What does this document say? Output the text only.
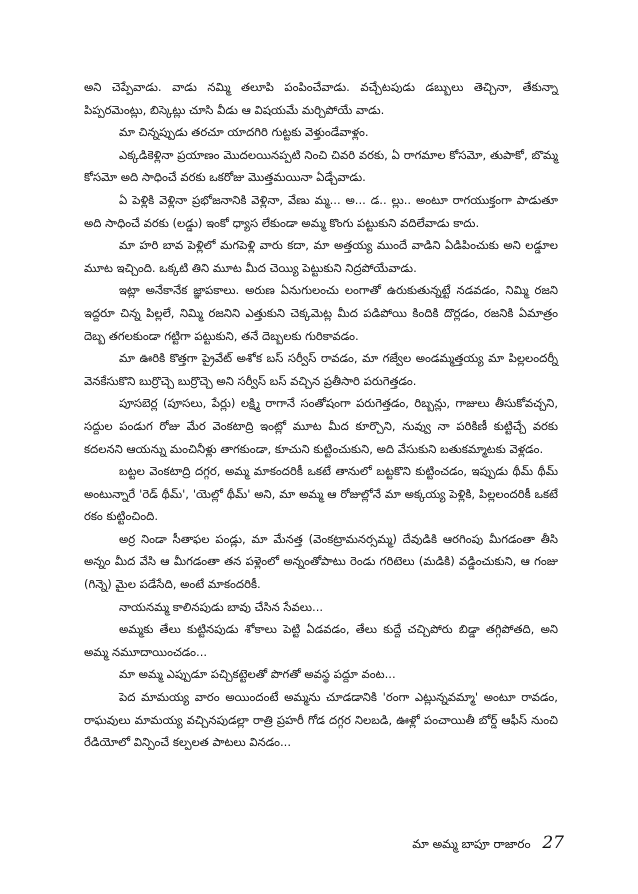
అని చెప్పేవాడు. వాడు నమ్మి తలూపి పంపించేవాడు. వచ్చేటపుడు డబ్బులు తెచ్చినా, తేకున్నా పిప్పరమెంట్లు, బిస్కెట్లు చూసి వీడు ఆ విషయమే మర్చిపోయే వాడు.

మా చిన్నప్పుడు తరచూ యాదగిరి గుట్టకు వెళ్తుండేవాళ్లం.

ఎక్కడికెళ్లినా ప్రయాణం మొదలయినప్పటి నించి చివరి వరకు, ఏ రాగమాల కోసమో, తుపాకో, బొమ్మ కోసమో అది సాధించే వరకు ఒకరోజు మొత్తమయినా ఏడ్చేవాడు.

ఏ పెళ్లికి వెళ్లినా ప్రభోజనానికి వెళ్లినా, వేణు మ్మ... అ... డ.. ల్లు.. అంటూ రాగయుక్తంగా పాడుతూ అది సాధించే వరకు (లడ్డు) ఇంకో ధ్యాస లేకుండా అమ్మ కొంగు పట్టుకుని వదిలేవాడు కాదు.

మా హరి బావ పెళ్లిలో మగపెళ్లి వారు కదా, మా అత్తయ్య ముందే వాడిని ఏడిపించుకు అని లడ్డూల మూట ఇచ్చింది. ఒక్కటి తిని మూట మీద చెయ్యి పెట్టుకుని నిద్రపోయేవాడు.

ఇట్లా అనేకానేక జ్ఞాపకాలు. అరుణ ఏనుగులంచు లంగాతో ఉరుకుతున్నట్టే నడవడం, నిమ్మి రజని ఇద్దరూ చిన్న పిల్లలే, నిమ్మి రజనిని ఎత్తుకుని చెక్కమెట్ల మీద పడిపోయి కిందికి దొర్లడం, రజనికి ఏమాత్రం దెబ్బ తగలకుండా గట్టిగా పట్టుకుని, తనే దెబ్బలకు గురికావడం.

మా ఊరికి కొత్తగా ప్రైవేట్ అశోక బస్ సర్వీస్ రావడం, మా గజ్వేల అండమ్మత్తయ్య మా పిల్లలందర్నీ వెనకేసుకొని బుర్రొచ్చె బుర్రొచ్చె అని సర్వీస్ బస్ వచ్చిన ప్రతీసారి పరుగెత్తడం.

పూసబెర్ల (పూసలు, పేర్లు) లక్ష్మి రాగానే సంతోషంగా పరుగెత్తడం, రిబ్బన్లు, గాజులు తీసుకోవచ్చని, సద్దుల పండుగ రోజు మేర వెంకటాద్రి ఇంట్లో మూట మీద కూర్చొని, నువ్వు నా పరికిణీ కుట్టిచ్చే వరకు కదలనని ఆయన్ను మంచినీళ్లు తాగకుండా, కూచుని కుట్టించుకుని, అది వేసుకుని బతుకమ్మాటకు వెళ్లడం.

బట్టల వెంకటాద్రి దగ్గర, అమ్మ మాకందరికీ ఒకటే తానులో బట్టకొని కుట్టించడం, ఇప్పుడు థీమ్ థీమ్ అంటున్నారే 'రెడ్ థీమ్', 'యెల్లో థీమ్' అని, మా అమ్మ ఆ రోజుల్లోనే మా అక్కయ్య పెళ్లికి, పిల్లలందరికీ ఒకటే రకం కుట్టించింది.

అర్ర నిండా సీతాఫల పండ్లు, మా మేనత్త (వెంకట్రామనర్సమ్మ) దేవుడికి ఆరగింపు మీగడంతా తీసి అన్నం మీద వేసి ఆ మీగడంతా తన పళ్లెంలో అన్నంతోపాటు రెండు గరిటెలు (మడికి) వడ్డించుకుని, ఆ గంజు (గిన్నె) మైల పడేసేది, అంటే మాకందరికీ.

నాయనమ్మ కాలినపుడు బావు చేసిన సేవలు...

అమ్మకు తేలు కుట్టినపుడు శోకాలు పెట్టి ఏడవడం, తేలు కుద్దే చచ్చిపోరు బిడ్డా తగ్గిపోతది, అని అమ్మ నమూదాయించడం...

మా అమ్మ ఎప్పుడూ పచ్చికట్టెలతో పొగతో అవస్థ పద్దూ వంట...

పెద మామయ్య వారం అయిందంటే అమ్మను చూడడానికి 'రంగా ఎట్లున్నవమ్మా' అంటూ రావడం, రాఘవులు మామయ్య వచ్చినపుడల్లా రాత్రి ప్రహరీ గోడ దగ్గర నిలబడి, ఊళ్లో పంచాయితీ బోర్డ్ ఆఫీస్ నుంచి రేడియోలో విన్పించే కల్పలత పాటలు వినడం...

మా అమ్మ బాపూ రాజారం 27
